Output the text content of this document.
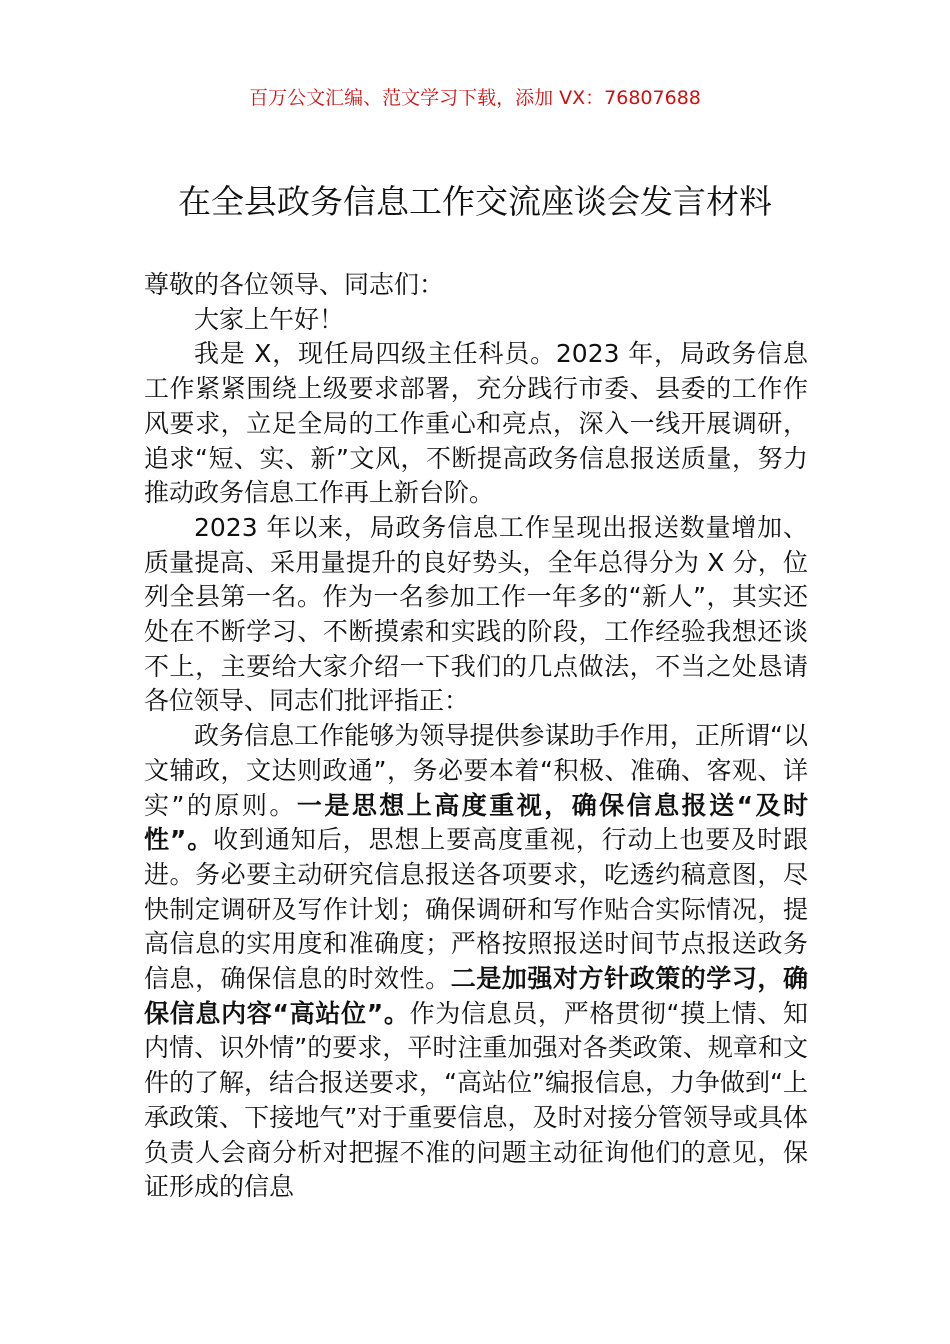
百万公文汇编、范文学习下载，添加 VX：76807688
在全县政务信息工作交流座谈会发言材料

尊敬的各位领导、同志们：

大家上午好！

我是 X，现任局四级主任科员。2023 年，局政务信息工作紧紧围绕上级要求部署，充分践行市委、县委的工作作风要求，立足全局的工作重心和亮点，深入一线开展调研，追求“短、实、新”文风，不断提高政务信息报送质量，努力推动政务信息工作再上新台阶。

2023 年以来，局政务信息工作呈现出报送数量增加、质量提高、采用量提升的良好势头，全年总得分为 X 分，位列全县第一名。作为一名参加工作一年多的“新人”，其实还处在不断学习、不断摸索和实践的阶段，工作经验我想还谈不上，主要给大家介绍一下我们的几点做法，不当之处恳请各位领导、同志们批评指正：

政务信息工作能够为领导提供参谋助手作用，正所谓“以文辅政，文达则政通”，务必要本着“积极、准确、客观、详实”的原则。一是思想上高度重视，确保信息报送“及时性”。收到通知后，思想上要高度重视，行动上也要及时跟进。务必要主动研究信息报送各项要求，吃透约稿意图，尽快制定调研及写作计划；确保调研和写作贴合实际情况，提高信息的实用度和准确度；严格按照报送时间节点报送政务信息，确保信息的时效性。二是加强对方针政策的学习，确保信息内容“高站位”。作为信息员，严格贯彻“摸上情、知内情、识外情”的要求，平时注重加强对各类政策、规章和文件的了解，结合报送要求，“高站位”编报信息，力争做到“上承政策、下接地气”对于重要信息，及时对接分管领导或具体负责人会商分析对把握不准的问题主动征询他们的意见，保证形成的信息
